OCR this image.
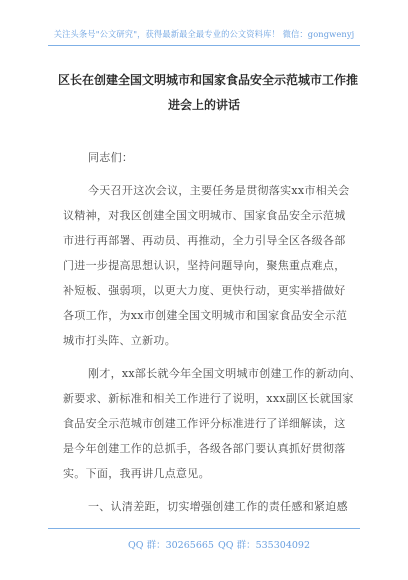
关注头条号"公文研究"，获得最新最全最专业的公文资料库！ 微信：gongwenyj
区长在创建全国文明城市和国家食品安全示范城市工作推
进会上的讲话
同志们：
今天召开这次会议，主要任务是贯彻落实xx市相关会
议精神，对我区创建全国文明城市、国家食品安全示范城
市进行再部署、再动员、再推动，全力引导全区各级各部
门进一步提高思想认识，坚持问题导向，聚焦重点难点，
补短板、强弱项，以更大力度、更快行动，更实举措做好
各项工作，为xx市创建全国文明城市和国家食品安全示范
城市打头阵、立新功。
刚才，xx部长就今年全国文明城市创建工作的新动向、
新要求、新标准和相关工作进行了说明，xxx副区长就国家
食品安全示范城市创建工作评分标准进行了详细解读，这
是今年创建工作的总抓手，各级各部门要认真抓好贯彻落
实。下面，我再讲几点意见。
一、认清差距，切实增强创建工作的责任感和紧迫感
QQ 群：30265665 QQ 群：535304092
